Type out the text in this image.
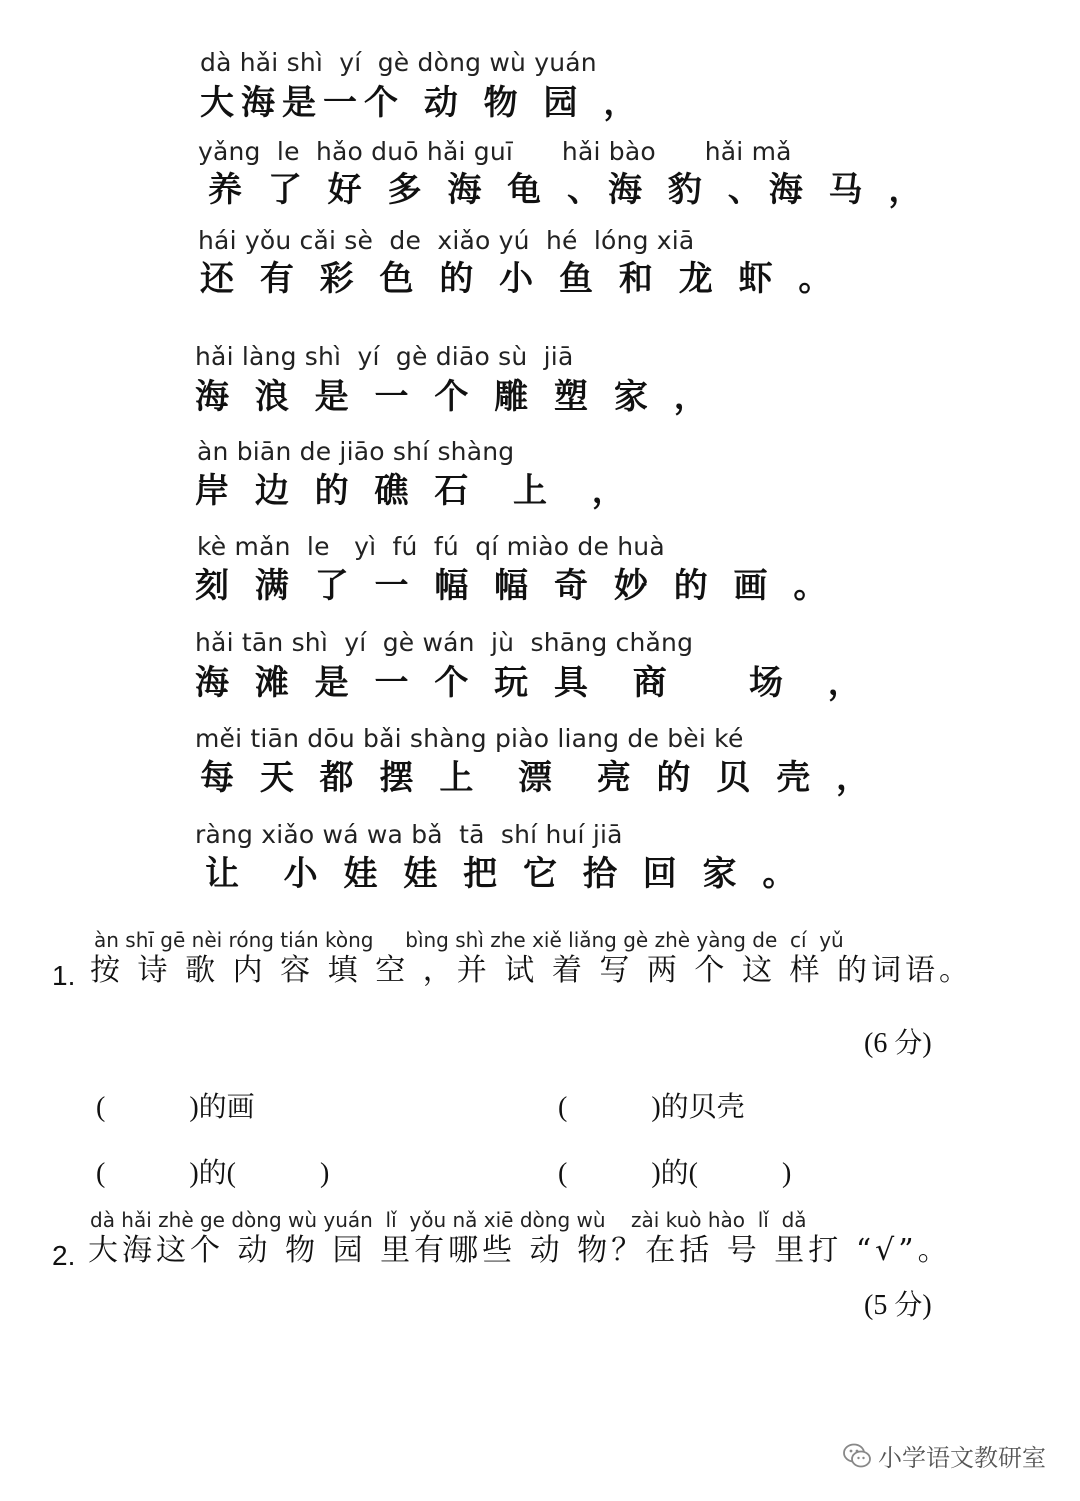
dà hǎi shì  yí  gè dòng wù yuán
大海是一个 动 物 园 ，
yǎng  le  hǎo duō hǎi guī      hǎi bào      hǎi mǎ
养 了 好 多 海 龟 、海 豹 、海 马 ，
hái yǒu cǎi sè  de  xiǎo yú  hé  lóng xiā
还 有 彩 色 的 小 鱼 和 龙 虾 。
hǎi làng shì  yí  gè diāo sù  jiā
海 浪 是 一 个 雕 塑 家 ，
àn biān de jiāo shí shàng
岸 边 的 礁 石  上  ，
kè mǎn  le   yì  fú  fú  qí miào de huà
刻 满 了 一 幅 幅 奇 妙 的 画 。
hǎi tān shì  yí  gè wán  jù  shāng chǎng
海 滩 是 一 个 玩 具  商    场  ，
měi tiān dōu bǎi shàng piào liang de bèi ké
每 天 都 摆 上  漂  亮 的 贝 壳 ，
ràng xiǎo wá wa bǎ  tā  shí huí jiā
让  小 娃 娃 把 它 拾 回 家 。
àn shī gē nèi róng tián kòng     bìng shì zhe xiě liǎng gè zhè yàng de  cí  yǔ
1. 按 诗 歌 内 容 填 空 ，并 试 着 写 两 个 这 样 的词语。
(6 分)
(            )的画	(            )的贝壳
(            )的(            )	(            )的(            )
dà hǎi zhè ge dòng wù yuán  lǐ  yǒu nǎ xiē dòng wù    zài kuò hào  lǐ  dǎ
2. 大海这个 动 物 园 里有哪些 动 物？在括 号 里打 “√”。
(5 分)
小学语文教研室
